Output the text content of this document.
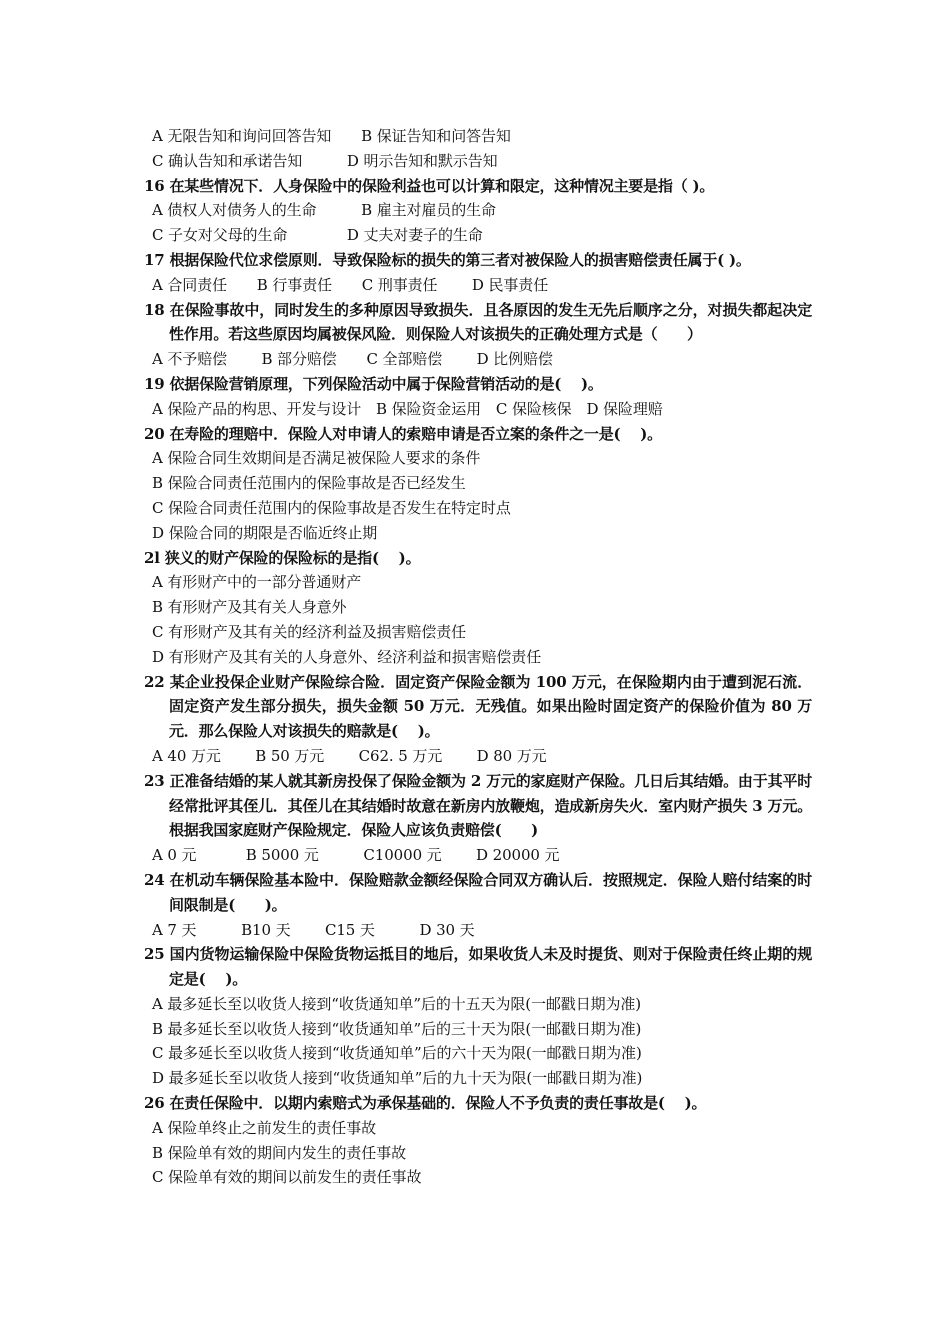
A 无限告知和询问回答告知　　B 保证告知和问答告知
C 确认告知和承诺告知　　　D 明示告知和默示告知
16 在某些情况下．人身保险中的保险利益也可以计算和限定，这种情况主要是指（ )。
A 债权人对债务人的生命　　　B 雇主对雇员的生命
C 子女对父母的生命　　　　D 丈夫对妻子的生命
17 根据保险代位求偿原则．导致保险标的损失的第三者对被保险人的损害赔偿责任属于( )。
A 合同责任　　B 行事责任　　C 刑事责任　　 D 民事责任
18 在保险事故中，同时发生的多种原因导致损失．且各原因的发生无先后顺序之分，对损失都起决定性作用。若这些原因均属被保风险．则保险人对该损失的正确处理方式是（　　）
A 不予赔偿　　 B 部分赔偿　　C 全部赔偿　　 D 比例赔偿
19 依据保险营销原理，下列保险活动中属于保险营销活动的是(　 )。
A 保险产品的构思、开发与设计　B 保险资金运用　C 保险核保　D 保险理赔
20 在寿险的理赔中．保险人对申请人的索赔申请是否立案的条件之一是(　 )。
A 保险合同生效期间是否满足被保险人要求的条件
B 保险合同责任范围内的保险事故是否已经发生
C 保险合同责任范围内的保险事故是否发生在特定时点
D 保险合同的期限是否临近终止期
2l 狭义的财产保险的保险标的是指(　 )。
A 有形财产中的一部分普通财产
B 有形财产及其有关人身意外
C 有形财产及其有关的经济利益及损害赔偿责任
D 有形财产及其有关的人身意外、经济利益和损害赔偿责任
22 某企业投保企业财产保险综合险．固定资产保险金额为 100 万元，在保险期内由于遭到泥石流．固定资产发生部分损失，损失金额 50 万元．无残值。如果出险时固定资产的保险价值为 80 万元．那么保险人对该损失的赔款是(　 )。
A 40 万元　　 B 50 万元　　 C62. 5 万元　　 D 80 万元
23 正准备结婚的某人就其新房投保了保险金额为 2 万元的家庭财产保险。几日后其结婚。由于其平时经常批评其侄儿．其侄儿在其结婚时故意在新房内放鞭炮，造成新房失火．室内财产损失 3 万元。根据我国家庭财产保险规定．保险人应该负责赔偿(　　)
A 0 元　　　 B 5000 元　　　C10000 元　　 D 20000 元
24 在机动车辆保险基本险中．保险赔款金额经保险合同双方确认后．按照规定．保险人赔付结案的时间限制是(　　)。
A 7 天　　　B10 天　　 C15 天　　　D 30 天
25 国内货物运输保险中保险货物运抵目的地后，如果收货人未及时提货、则对于保险责任终止期的规定是(　 )。
A 最多延长至以收货人接到“收货通知单”后的十五天为限(一邮戳日期为准)
B 最多延长至以收货人接到“收货通知单”后的三十天为限(一邮戳日期为准)
C 最多延长至以收货人接到“收货通知单”后的六十天为限(一邮戳日期为准)
D 最多延长至以收货人接到“收货通知单”后的九十天为限(一邮戳日期为准)
26 在责任保险中．以期内索赔式为承保基础的．保险人不予负责的责任事故是(　 )。
A 保险单终止之前发生的责任事故
B 保险单有效的期间内发生的责任事故
C 保险单有效的期间以前发生的责任事故
